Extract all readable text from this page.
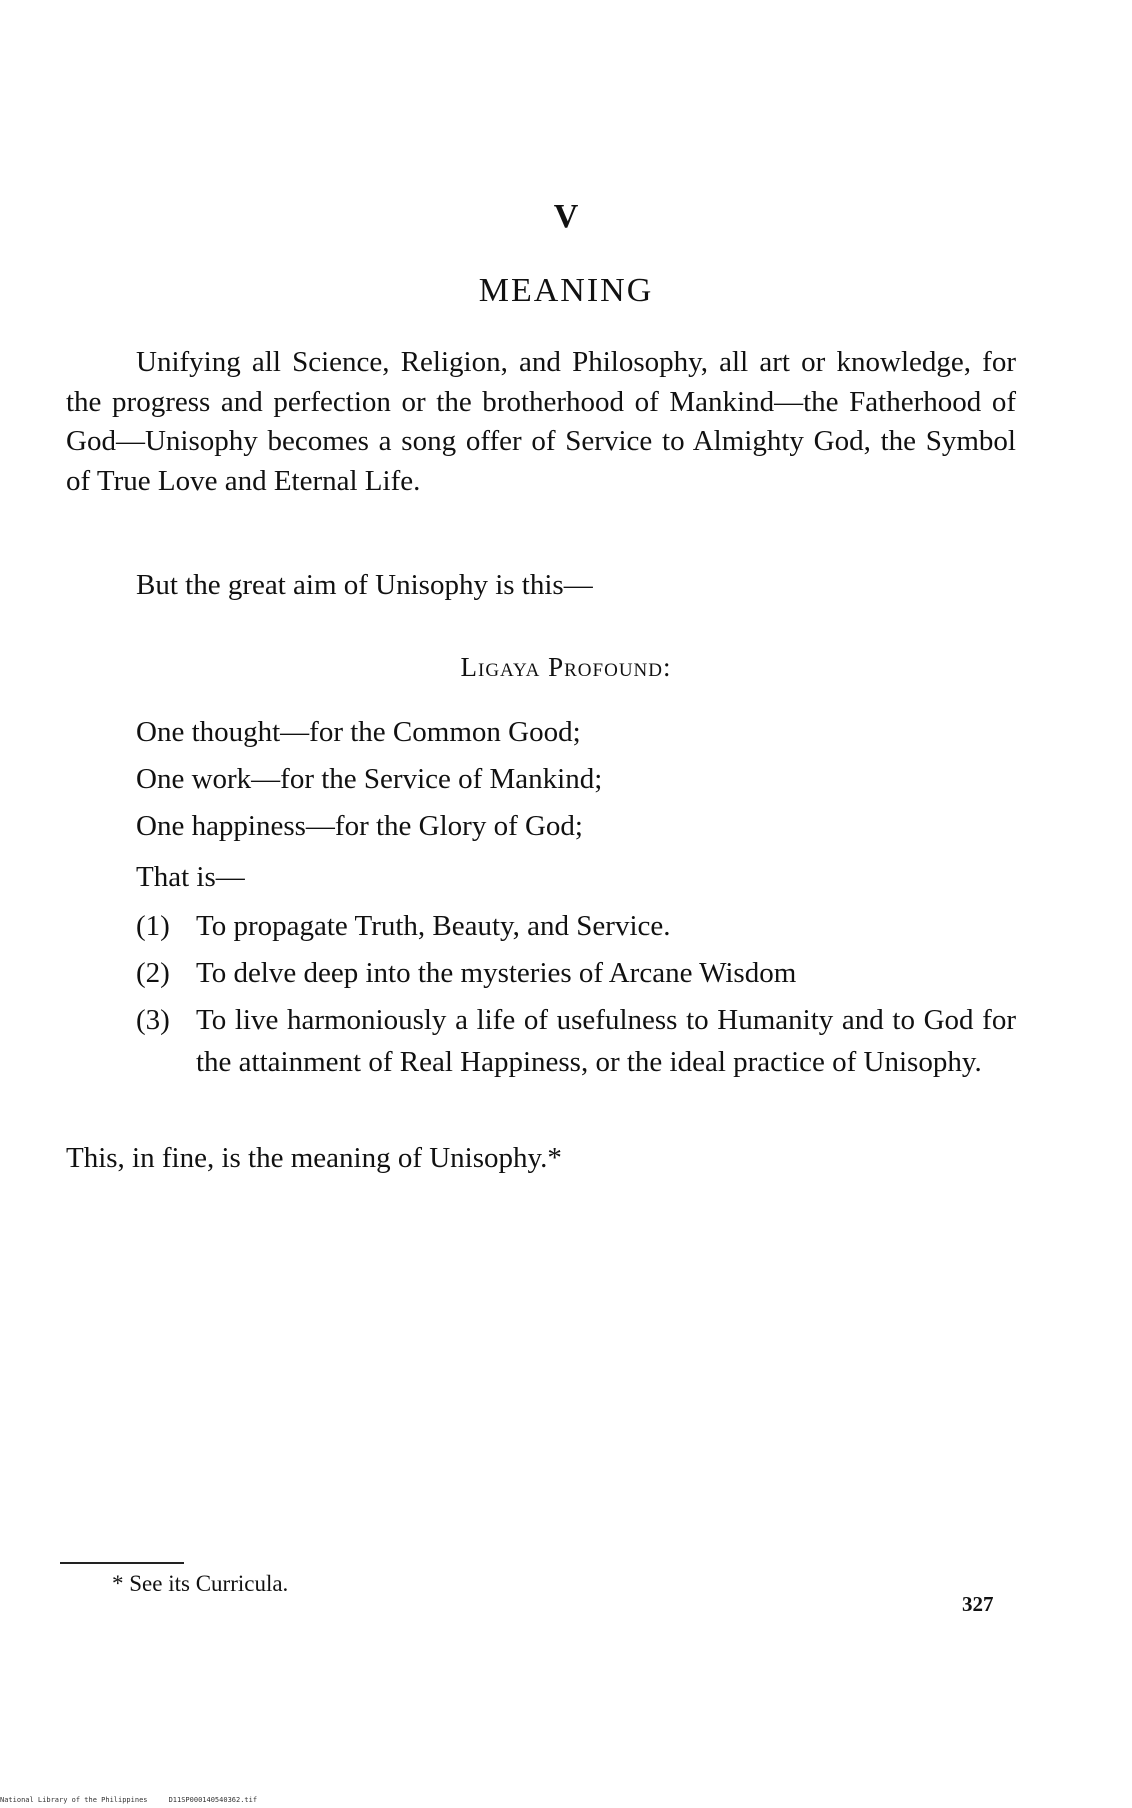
V
MEANING

Unifying all Science, Religion, and Philosophy, all art or knowledge, for the progress and perfection or the brotherhood of Mankind—the Fatherhood of God—Unisophy becomes a song offer of Service to Almighty God, the Symbol of True Love and Eternal Life.

But the great aim of Unisophy is this—
Ligaya Profound:
One thought—for the Common Good;
One work—for the Service of Mankind;
One happiness—for the Glory of God;
That is—
(1) To propagate Truth, Beauty, and Service.
(2) To delve deep into the mysteries of Arcane Wisdom
(3) To live harmoniously a life of usefulness to Humanity and to God for the attainment of Real Happiness, or the ideal practice of Unisophy.
This, in fine, is the meaning of Unisophy.*
* See its Curricula.
327
National Library of the Philippines     D11SP000140540362.tif
